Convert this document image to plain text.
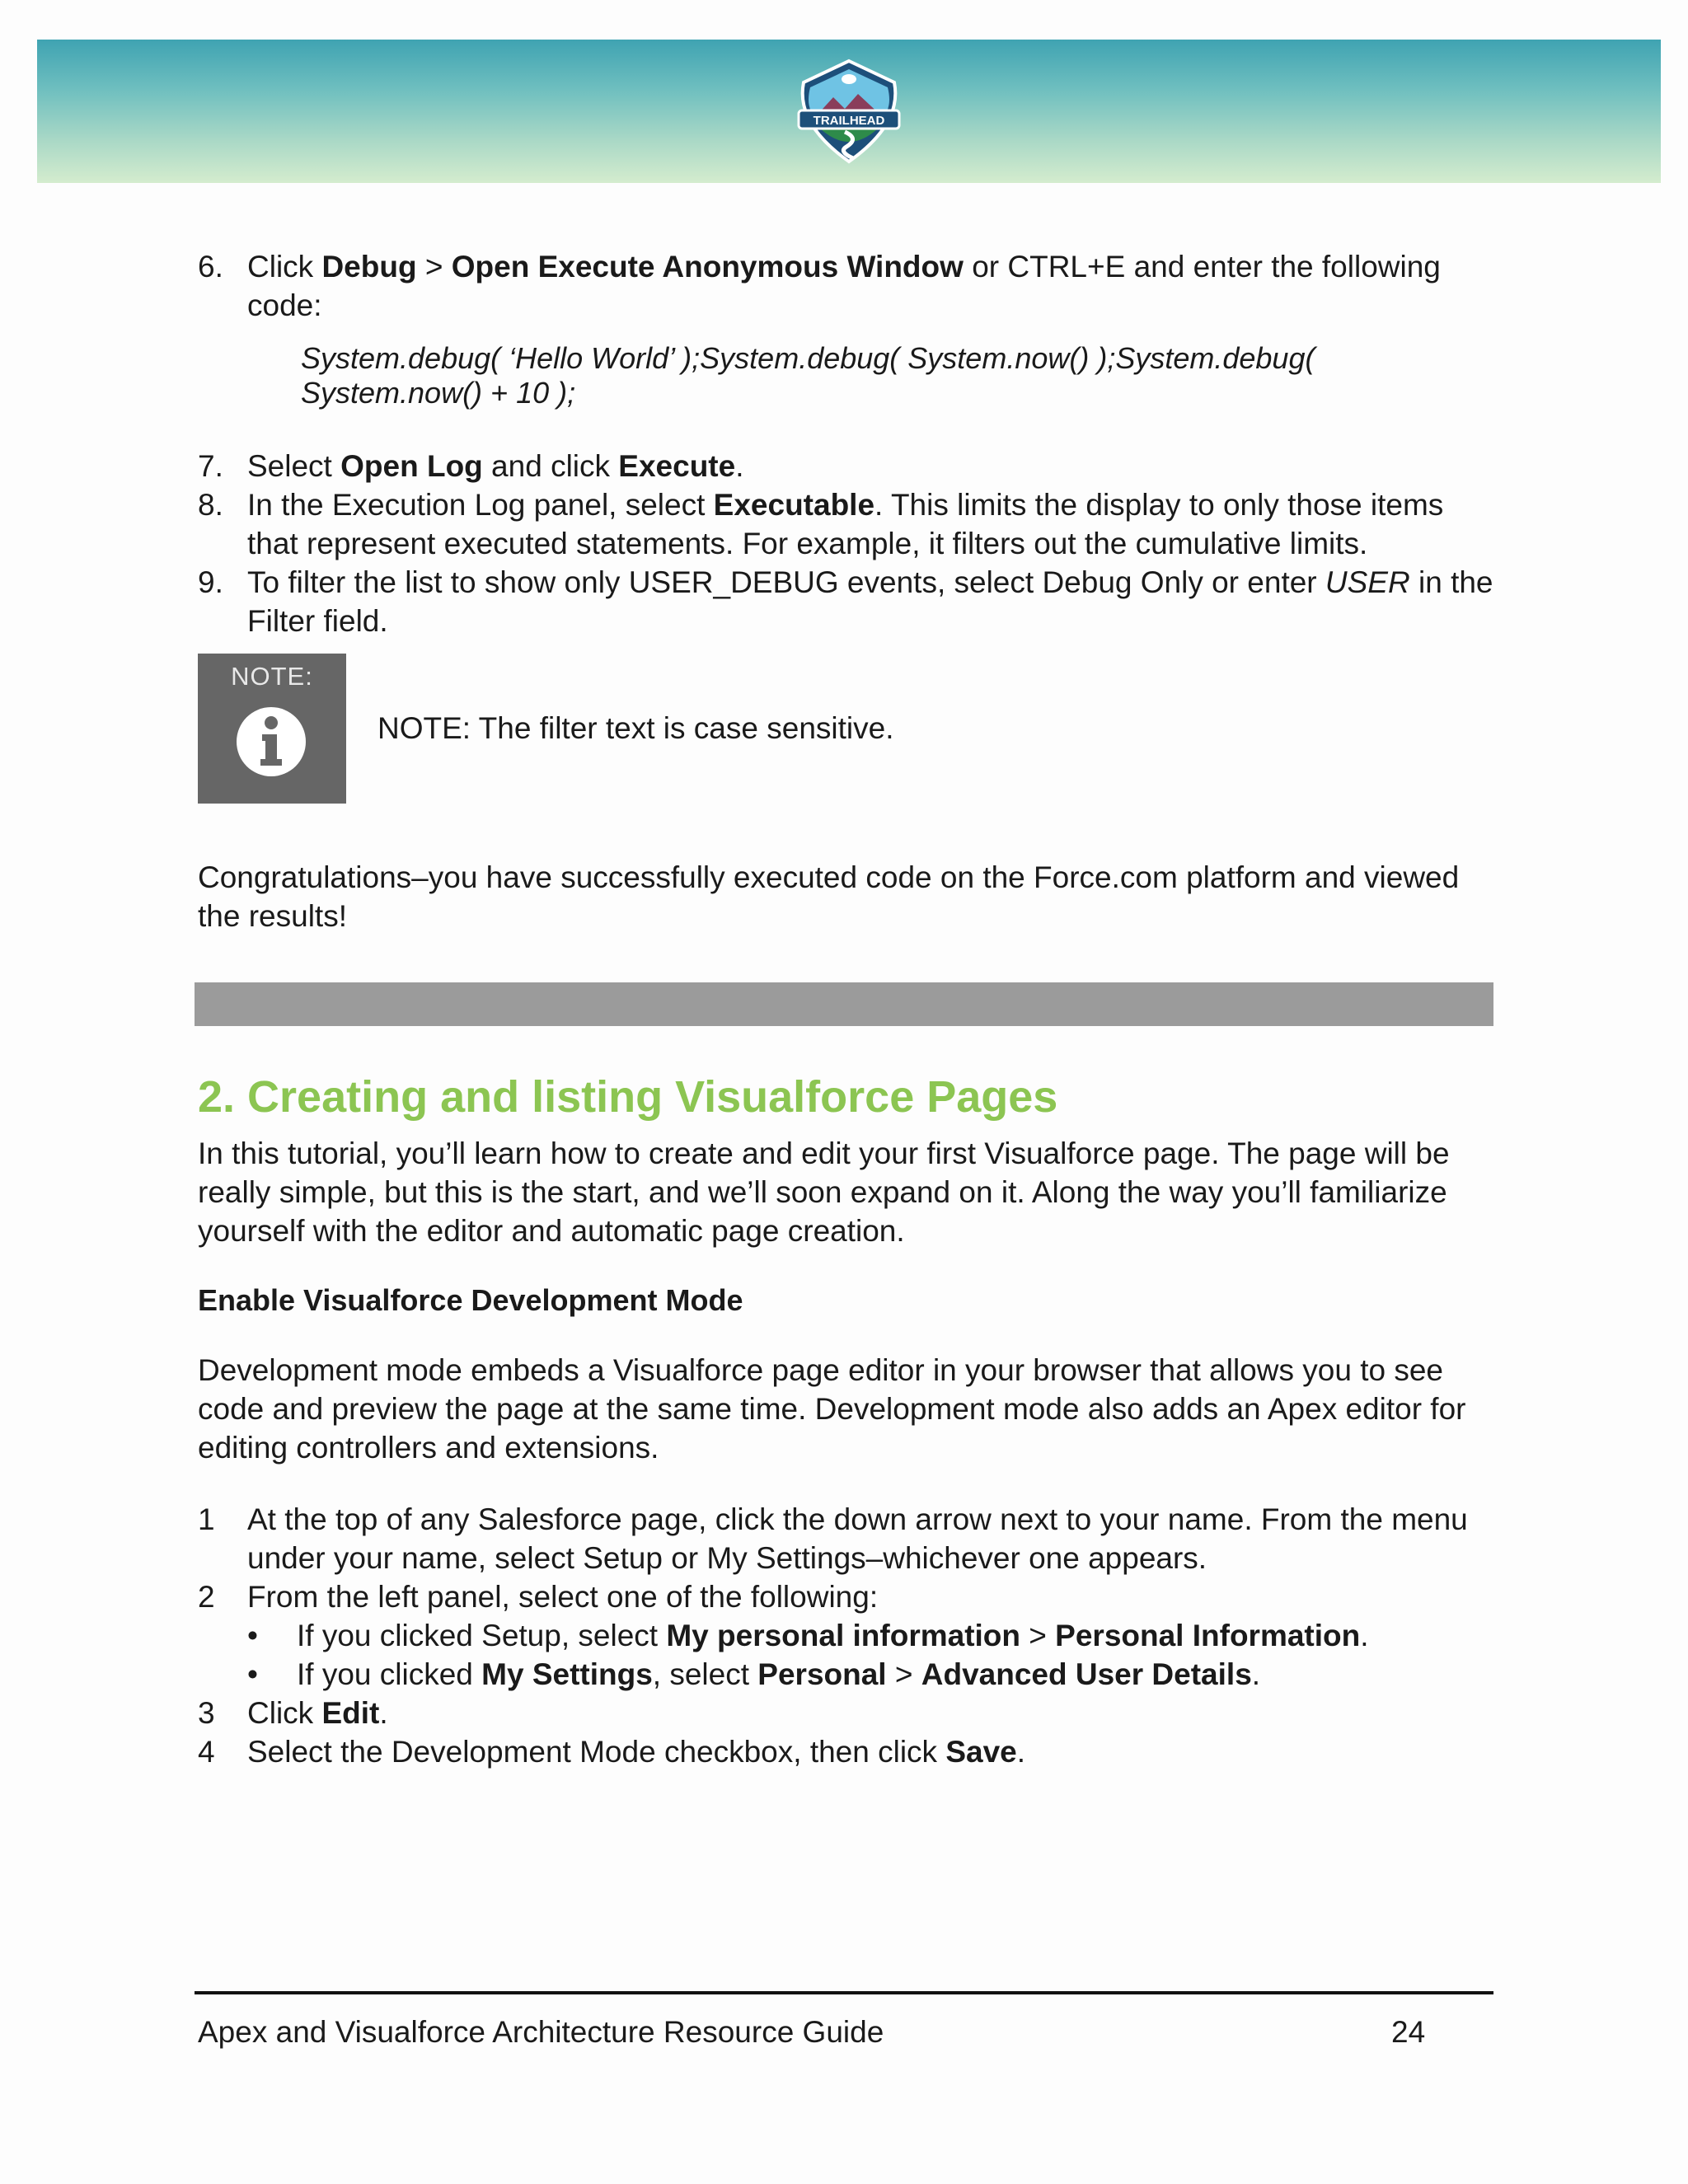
TRAILHEAD
6. Click Debug > Open Execute Anonymous Window or CTRL+E and enter the following code:
System.debug( ‘Hello World’ );System.debug( System.now() );System.debug( System.now() + 10 );
7. Select Open Log and click Execute.
8. In the Execution Log panel, select Executable. This limits the display to only those items that represent executed statements. For example, it filters out the cumulative limits.
9. To filter the list to show only USER_DEBUG events, select Debug Only or enter USER in the Filter field.
NOTE:
NOTE: The filter text is case sensitive.

Congratulations–you have successfully executed code on the Force.com platform and viewed the results!

2. Creating and listing Visualforce Pages

In this tutorial, you’ll learn how to create and edit your first Visualforce page. The page will be really simple, but this is the start, and we’ll soon expand on it. Along the way you’ll familiarize yourself with the editor and automatic page creation.

Enable Visualforce Development Mode

Development mode embeds a Visualforce page editor in your browser that allows you to see code and preview the page at the same time. Development mode also adds an Apex editor for editing controllers and extensions.

1	At the top of any Salesforce page, click the down arrow next to your name. From the menu under your name, select Setup or My Settings–whichever one appears.
2	From the left panel, select one of the following:
•	If you clicked Setup, select My personal information > Personal Information.
•	If you clicked My Settings, select Personal > Advanced User Details.
3	Click Edit.
4	Select the Development Mode checkbox, then click Save.
Apex and Visualforce Architecture Resource Guide	24
